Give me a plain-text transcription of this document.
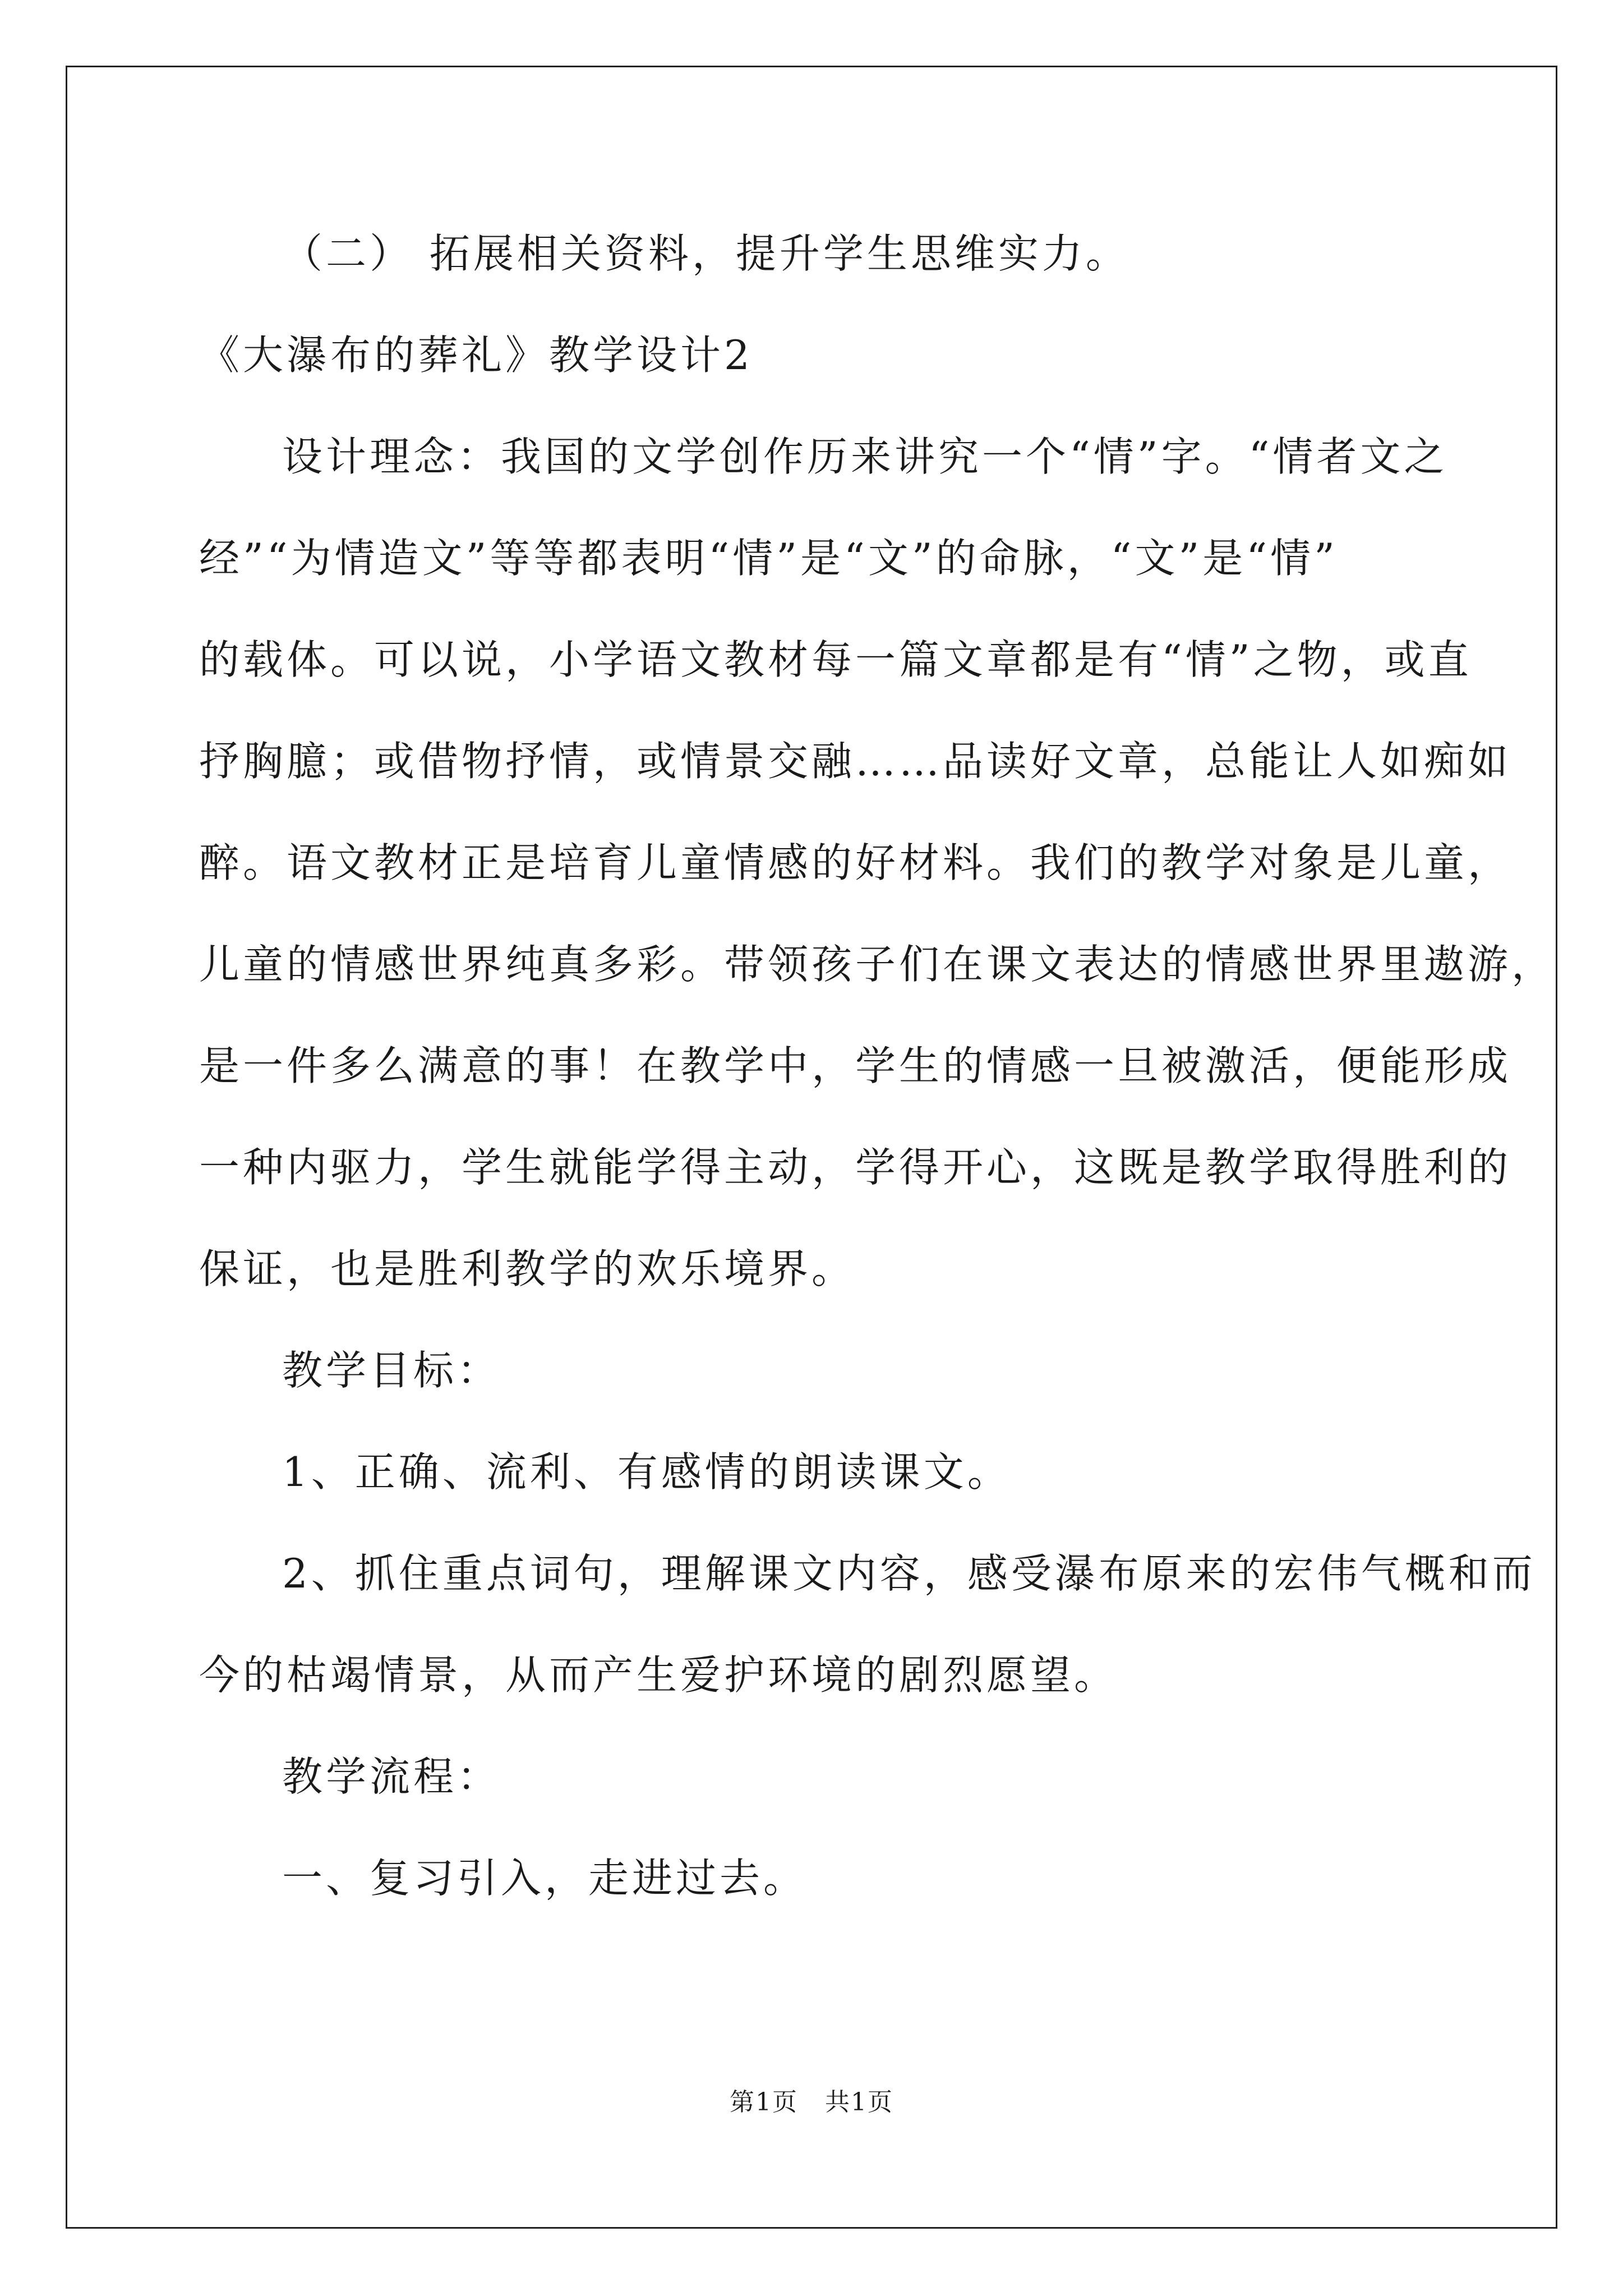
（二） 拓展相关资料，提升学生思维实力。

《大瀑布的葬礼》教学设计2

设计理念：我国的文学创作历来讲究一个“情”字。“情者文之

经”“为情造文”等等都表明“情”是“文”的命脉，“文”是“情”

的载体。可以说，小学语文教材每一篇文章都是有“情”之物，或直

抒胸臆；或借物抒情，或情景交融……品读好文章，总能让人如痴如

醉。语文教材正是培育儿童情感的好材料。我们的教学对象是儿童，

儿童的情感世界纯真多彩。带领孩子们在课文表达的情感世界里遨游，

是一件多么满意的事！在教学中，学生的情感一旦被激活，便能形成

一种内驱力，学生就能学得主动，学得开心，这既是教学取得胜利的

保证，也是胜利教学的欢乐境界。

教学目标：

1、正确、流利、有感情的朗读课文。

2、抓住重点词句，理解课文内容，感受瀑布原来的宏伟气概和而

今的枯竭情景，从而产生爱护环境的剧烈愿望。

教学流程：

一、复习引入，走进过去。

第1页   共1页
